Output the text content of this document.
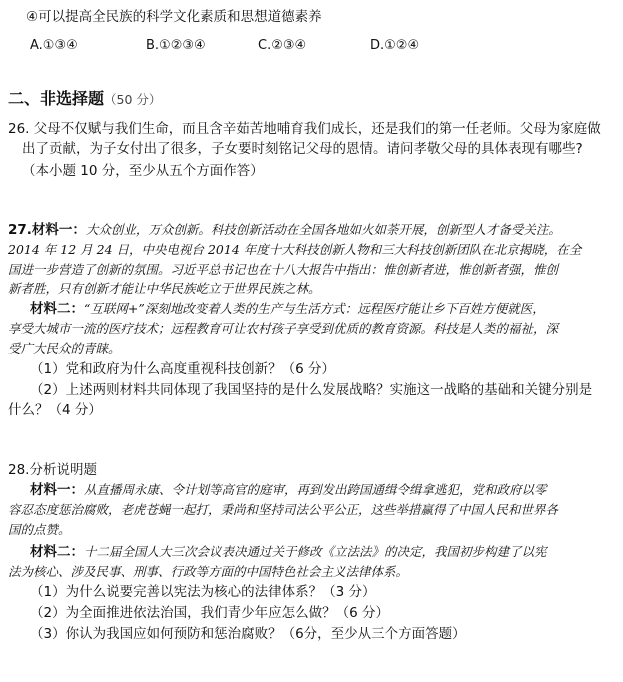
④可以提高全民族的科学文化素质和思想道德素养
A.①③④	B.①②③④	C.②③④	D.①②④
二、非选择题（50 分）
26. 父母不仅赋与我们生命，而且含辛茹苦地哺育我们成长，还是我们的第一任老师。父母为家庭做
出了贡献，为子女付出了很多，子女要时刻铭记父母的恩情。请问孝敬父母的具体表现有哪些?
（本小题 10 分，至少从五个方面作答）
27.材料一：大众创业，万众创新。科技创新活动在全国各地如火如荼开展，创新型人才备受关注。
2014 年 12 月 24 日，中央电视台 2014 年度十大科技创新人物和三大科技创新团队在北京揭晓，在全
国进一步营造了创新的氛围。习近平总书记也在十八大报告中指出：惟创新者进，惟创新者强，惟创
新者胜，只有创新才能让中华民族屹立于世界民族之林。
材料二：“互联网+”深刻地改变着人类的生产与生活方式：远程医疗能让乡下百姓方便就医，
享受大城市一流的医疗技术；远程教育可让农村孩子享受到优质的教育资源。科技是人类的福祉，深
受广大民众的青睐。
（1）党和政府为什么高度重视科技创新？（6 分）
（2）上述两则材料共同体现了我国坚持的是什么发展战略？实施这一战略的基础和关键分别是
什么？（4 分）
28.分析说明题
材料一：从直播周永康、令计划等高官的庭审，再到发出跨国通缉令缉拿逃犯，党和政府以零
容忍态度惩治腐败，老虎苍蝇一起打，秉尚和坚持司法公平公正，这些举措赢得了中国人民和世界各
国的点赞。
材料二：十二届全国人大三次会议表决通过关于修改《立法法》的决定，我国初步构建了以宪
法为核心、涉及民事、刑事、行政等方面的中国特色社会主义法律体系。
（1）为什么说要完善以宪法为核心的法律体系？（3 分）
（2）为全面推进依法治国，我们青少年应怎么做？（6 分）
（3）你认为我国应如何预防和惩治腐败？（6分，至少从三个方面答题）
